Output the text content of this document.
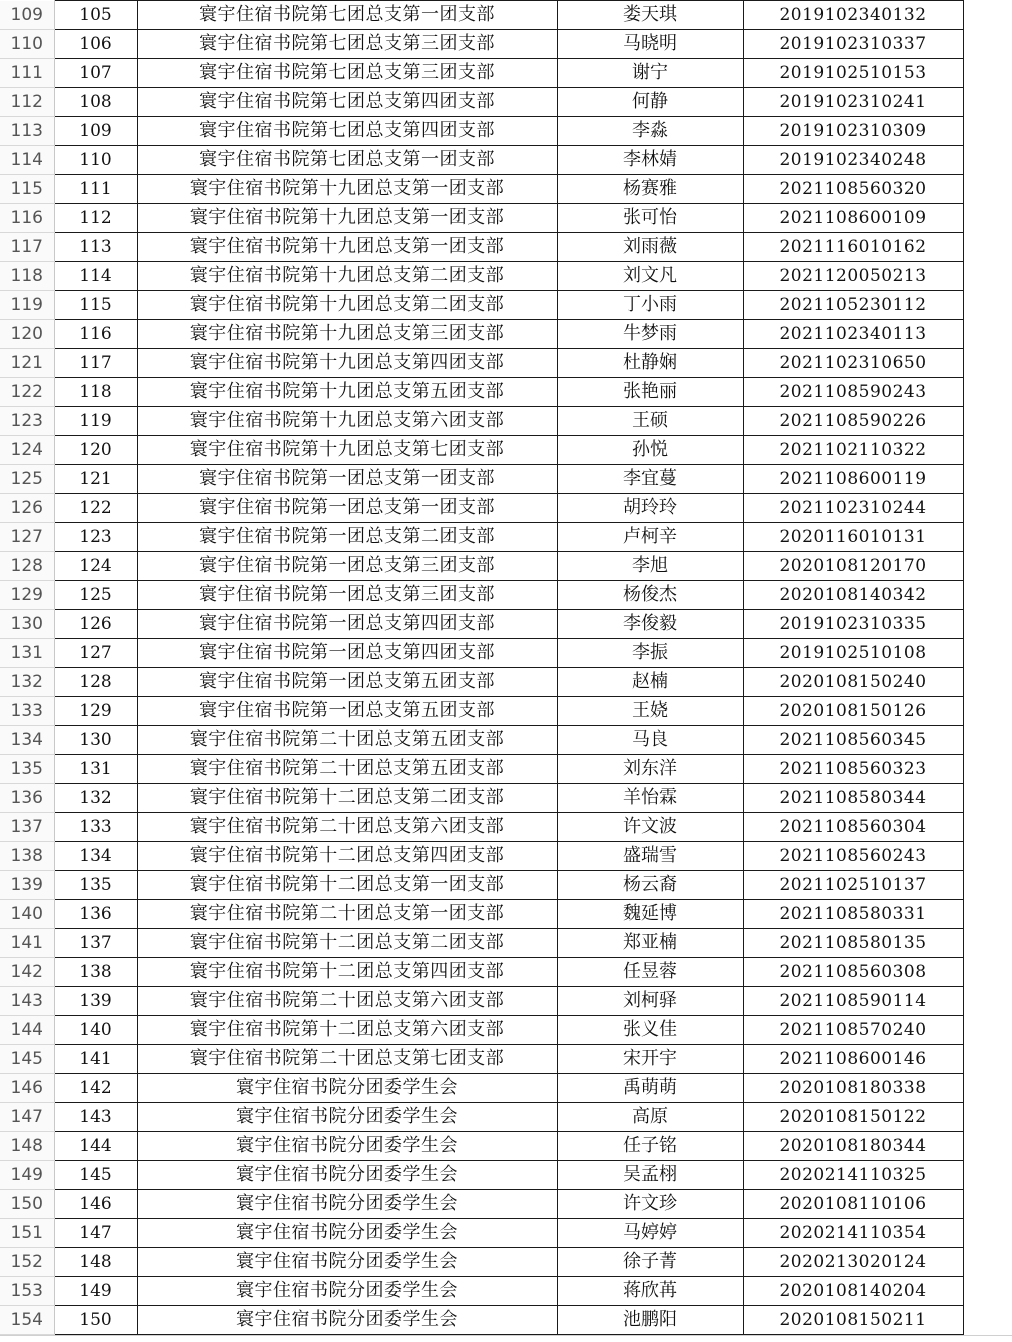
109	105	寰宇住宿书院第七团总支第一团支部	娄天琪	2019102340132	
110	106	寰宇住宿书院第七团总支第三团支部	马晓明	2019102310337	
111	107	寰宇住宿书院第七团总支第三团支部	谢宁	2019102510153	
112	108	寰宇住宿书院第七团总支第四团支部	何静	2019102310241	
113	109	寰宇住宿书院第七团总支第四团支部	李淼	2019102310309	
114	110	寰宇住宿书院第七团总支第一团支部	李林婧	2019102340248	
115	111	寰宇住宿书院第十九团总支第一团支部	杨赛雅	2021108560320	
116	112	寰宇住宿书院第十九团总支第一团支部	张可怡	2021108600109	
117	113	寰宇住宿书院第十九团总支第一团支部	刘雨薇	2021116010162	
118	114	寰宇住宿书院第十九团总支第二团支部	刘文凡	2021120050213	
119	115	寰宇住宿书院第十九团总支第二团支部	丁小雨	2021105230112	
120	116	寰宇住宿书院第十九团总支第三团支部	牛梦雨	2021102340113	
121	117	寰宇住宿书院第十九团总支第四团支部	杜静娴	2021102310650	
122	118	寰宇住宿书院第十九团总支第五团支部	张艳丽	2021108590243	
123	119	寰宇住宿书院第十九团总支第六团支部	王硕	2021108590226	
124	120	寰宇住宿书院第十九团总支第七团支部	孙悦	2021102110322	
125	121	寰宇住宿书院第一团总支第一团支部	李宜蔓	2021108600119	
126	122	寰宇住宿书院第一团总支第一团支部	胡玲玲	2021102310244	
127	123	寰宇住宿书院第一团总支第二团支部	卢柯辛	2020116010131	
128	124	寰宇住宿书院第一团总支第三团支部	李旭	2020108120170	
129	125	寰宇住宿书院第一团总支第三团支部	杨俊杰	2020108140342	
130	126	寰宇住宿书院第一团总支第四团支部	李俊毅	2019102310335	
131	127	寰宇住宿书院第一团总支第四团支部	李振	2019102510108	
132	128	寰宇住宿书院第一团总支第五团支部	赵楠	2020108150240	
133	129	寰宇住宿书院第一团总支第五团支部	王娆	2020108150126	
134	130	寰宇住宿书院第二十团总支第五团支部	马良	2021108560345	
135	131	寰宇住宿书院第二十团总支第五团支部	刘东洋	2021108560323	
136	132	寰宇住宿书院第十二团总支第二团支部	羊怡霖	2021108580344	
137	133	寰宇住宿书院第二十团总支第六团支部	许文波	2021108560304	
138	134	寰宇住宿书院第十二团总支第四团支部	盛瑞雪	2021108560243	
139	135	寰宇住宿书院第十二团总支第一团支部	杨云裔	2021102510137	
140	136	寰宇住宿书院第二十团总支第一团支部	魏延博	2021108580331	
141	137	寰宇住宿书院第十二团总支第二团支部	郑亚楠	2021108580135	
142	138	寰宇住宿书院第十二团总支第四团支部	任昱蓉	2021108560308	
143	139	寰宇住宿书院第二十团总支第六团支部	刘柯驿	2021108590114	
144	140	寰宇住宿书院第十二团总支第六团支部	张义佳	2021108570240	
145	141	寰宇住宿书院第二十团总支第七团支部	宋开宇	2021108600146	
146	142	寰宇住宿书院分团委学生会	禹萌萌	2020108180338	
147	143	寰宇住宿书院分团委学生会	高原	2020108150122	
148	144	寰宇住宿书院分团委学生会	任子铭	2020108180344	
149	145	寰宇住宿书院分团委学生会	吴孟栩	2020214110325	
150	146	寰宇住宿书院分团委学生会	许文珍	2020108110106	
151	147	寰宇住宿书院分团委学生会	马婷婷	2020214110354	
152	148	寰宇住宿书院分团委学生会	徐子菁	2020213020124	
153	149	寰宇住宿书院分团委学生会	蒋欣苒	2020108140204	
154	150	寰宇住宿书院分团委学生会	池鹏阳	2020108150211	
